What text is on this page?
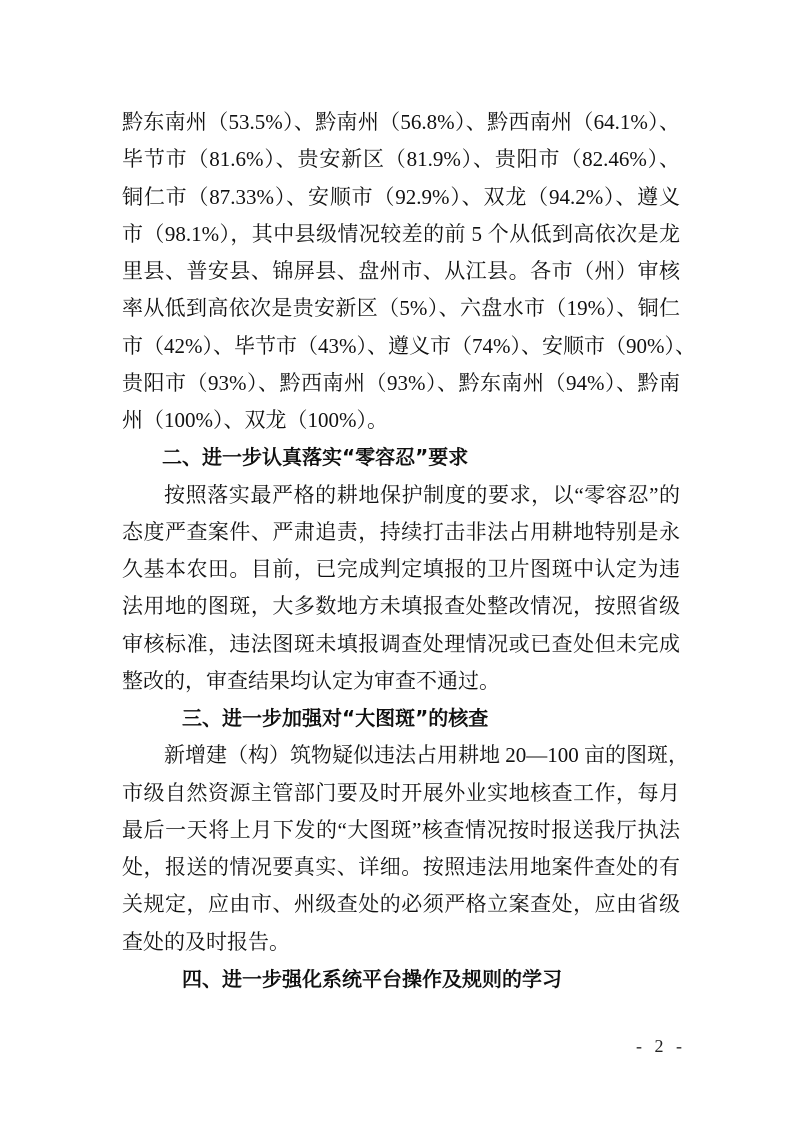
黔东南州（53.5%）、黔南州（56.8%）、黔西南州（64.1%）、
毕节市（81.6%）、贵安新区（81.9%）、贵阳市（82.46%）、
铜仁市（87.33%）、安顺市（92.9%）、双龙（94.2%）、遵义
市（98.1%），其中县级情况较差的前 5 个从低到高依次是龙
里县、普安县、锦屏县、盘州市、从江县。各市（州）审核
率从低到高依次是贵安新区（5%）、六盘水市（19%）、铜仁
市（42%）、毕节市（43%）、遵义市（74%）、安顺市（90%）、
贵阳市（93%）、黔西南州（93%）、黔东南州（94%）、黔南
州（100%）、双龙（100%）。
二、进一步认真落实“零容忍”要求
按照落实最严格的耕地保护制度的要求，以“零容忍”的
态度严查案件、严肃追责，持续打击非法占用耕地特别是永
久基本农田。目前，已完成判定填报的卫片图斑中认定为违
法用地的图斑，大多数地方未填报查处整改情况，按照省级
审核标准，违法图斑未填报调查处理情况或已查处但未完成
整改的，审查结果均认定为审查不通过。
三、进一步加强对“大图斑”的核查
新增建（构）筑物疑似违法占用耕地 20—100 亩的图斑，
市级自然资源主管部门要及时开展外业实地核查工作，每月
最后一天将上月下发的“大图斑”核查情况按时报送我厅执法
处，报送的情况要真实、详细。按照违法用地案件查处的有
关规定，应由市、州级查处的必须严格立案查处，应由省级
查处的及时报告。
四、进一步强化系统平台操作及规则的学习
- 2 -
